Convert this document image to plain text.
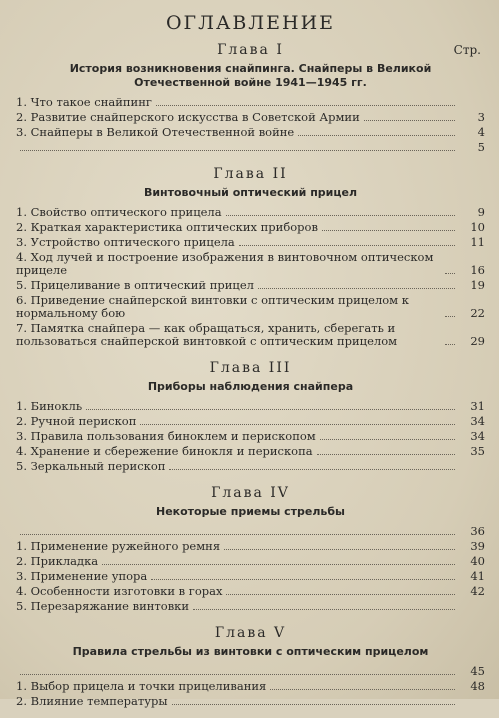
ОГЛАВЛЕНИЕ
Глава I	Стр.
История возникновения снайпинга. Снайперы в Великой Отечественной войне 1941—1945 гг.
1. Что такое снайпинг
2. Развитие снайперского искусства в Советской Армии	3
3. Снайперы в Великой Отечественной войне	4
5
Глава II
Винтовочный оптический прицел
1. Свойство оптического прицела	9
2. Краткая характеристика оптических приборов	10
3. Устройство оптического прицела	11
4. Ход лучей и построение изображения в винтовочном оптическом прицеле	16
5. Прицеливание в оптический прицел	19
6. Приведение снайперской винтовки с оптическим прицелом к нормальному бою	22
7. Памятка снайпера — как обращаться, хранить, сберегать и пользоваться снайперской винтовкой с оптическим прицелом	29
Глава III
Приборы наблюдения снайпера
1. Бинокль	31
2. Ручной перископ	34
3. Правила пользования биноклем и перископом	34
4. Хранение и сбережение бинокля и перископа	35
5. Зеркальный перископ
Глава IV
Некоторые приемы стрельбы
36
1. Применение ружейного ремня	39
2. Прикладка	40
3. Применение упора	41
4. Особенности изготовки в горах	42
5. Перезаряжание винтовки
Глава V
Правила стрельбы из винтовки с оптическим прицелом
45
1. Выбор прицела и точки прицеливания	48
2. Влияние температуры
